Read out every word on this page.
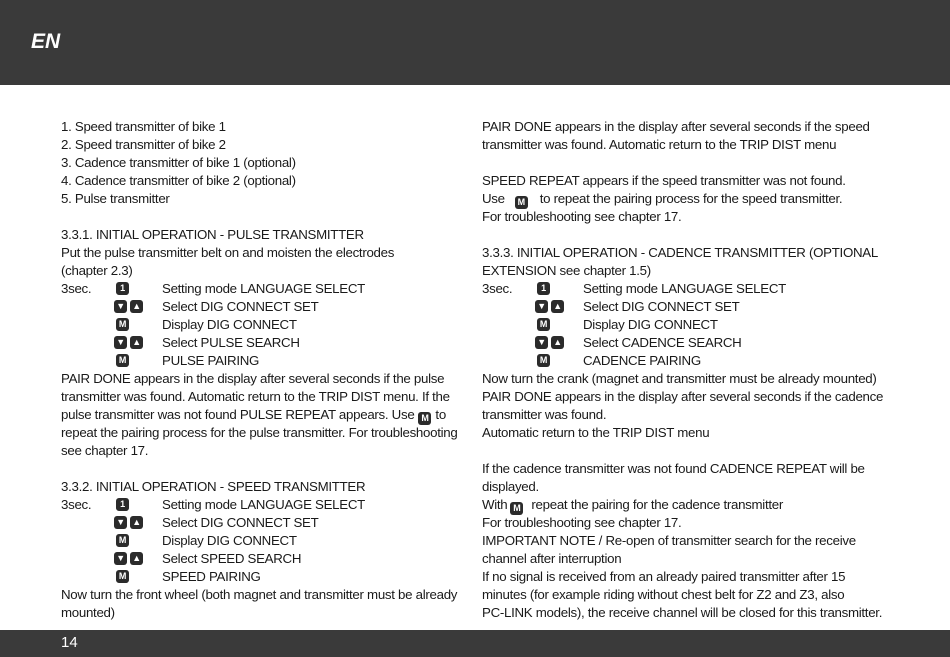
EN
1. Speed transmitter of bike 1
2. Speed transmitter of bike 2
3. Cadence transmitter of bike 1 (optional)
4. Cadence transmitter of bike 2 (optional)
5. Pulse transmitter
3.3.1. INITIAL OPERATION - PULSE TRANSMITTER
Put the pulse transmitter belt on and moisten the electrodes
(chapter 2.3)
3sec.	1	Setting mode LANGUAGE SELECT
▼ ▲ Select DIG CONNECT SET
M	Display DIG CONNECT
▼ ▲ Select PULSE SEARCH
M	PULSE PAIRING
PAIR DONE appears in the display after several seconds if the pulse
transmitter was found. Automatic return to the TRIP DIST menu. If the
pulse transmitter was not found PULSE REPEAT appears. Use M to
repeat the pairing process for the pulse transmitter. For troubleshooting
see chapter 17.
3.3.2. INITIAL OPERATION - SPEED TRANSMITTER
3sec.	1	Setting mode LANGUAGE SELECT
▼ ▲ Select DIG CONNECT SET
M	Display DIG CONNECT
▼ ▲ Select SPEED SEARCH
M	SPEED PAIRING
Now turn the front wheel (both magnet and transmitter must be already
mounted)
PAIR DONE appears in the display after several seconds if the speed
transmitter was found. Automatic return to the TRIP DIST menu
SPEED REPEAT appears if the speed transmitter was not found.
Use M to repeat the pairing process for the speed transmitter.
For troubleshooting see chapter 17.
3.3.3. INITIAL OPERATION - CADENCE TRANSMITTER (OPTIONAL
EXTENSION see chapter 1.5)
3sec.	1	Setting mode LANGUAGE SELECT
▼ ▲ Select DIG CONNECT SET
M	Display DIG CONNECT
▼ ▲ Select CADENCE SEARCH
M	CADENCE PAIRING
Now turn the crank (magnet and transmitter must be already mounted)
PAIR DONE appears in the display after several seconds if the cadence
transmitter was found.
Automatic return to the TRIP DIST menu
If the cadence transmitter was not found CADENCE REPEAT will be
displayed.
With M repeat the pairing for the cadence transmitter
For troubleshooting see chapter 17.
IMPORTANT NOTE / Re-open of transmitter search for the receive
channel after interruption
If no signal is received from an already paired transmitter after 15
minutes (for example riding without chest belt for Z2 and Z3, also
PC-LINK models), the receive channel will be closed for this transmitter.
14
